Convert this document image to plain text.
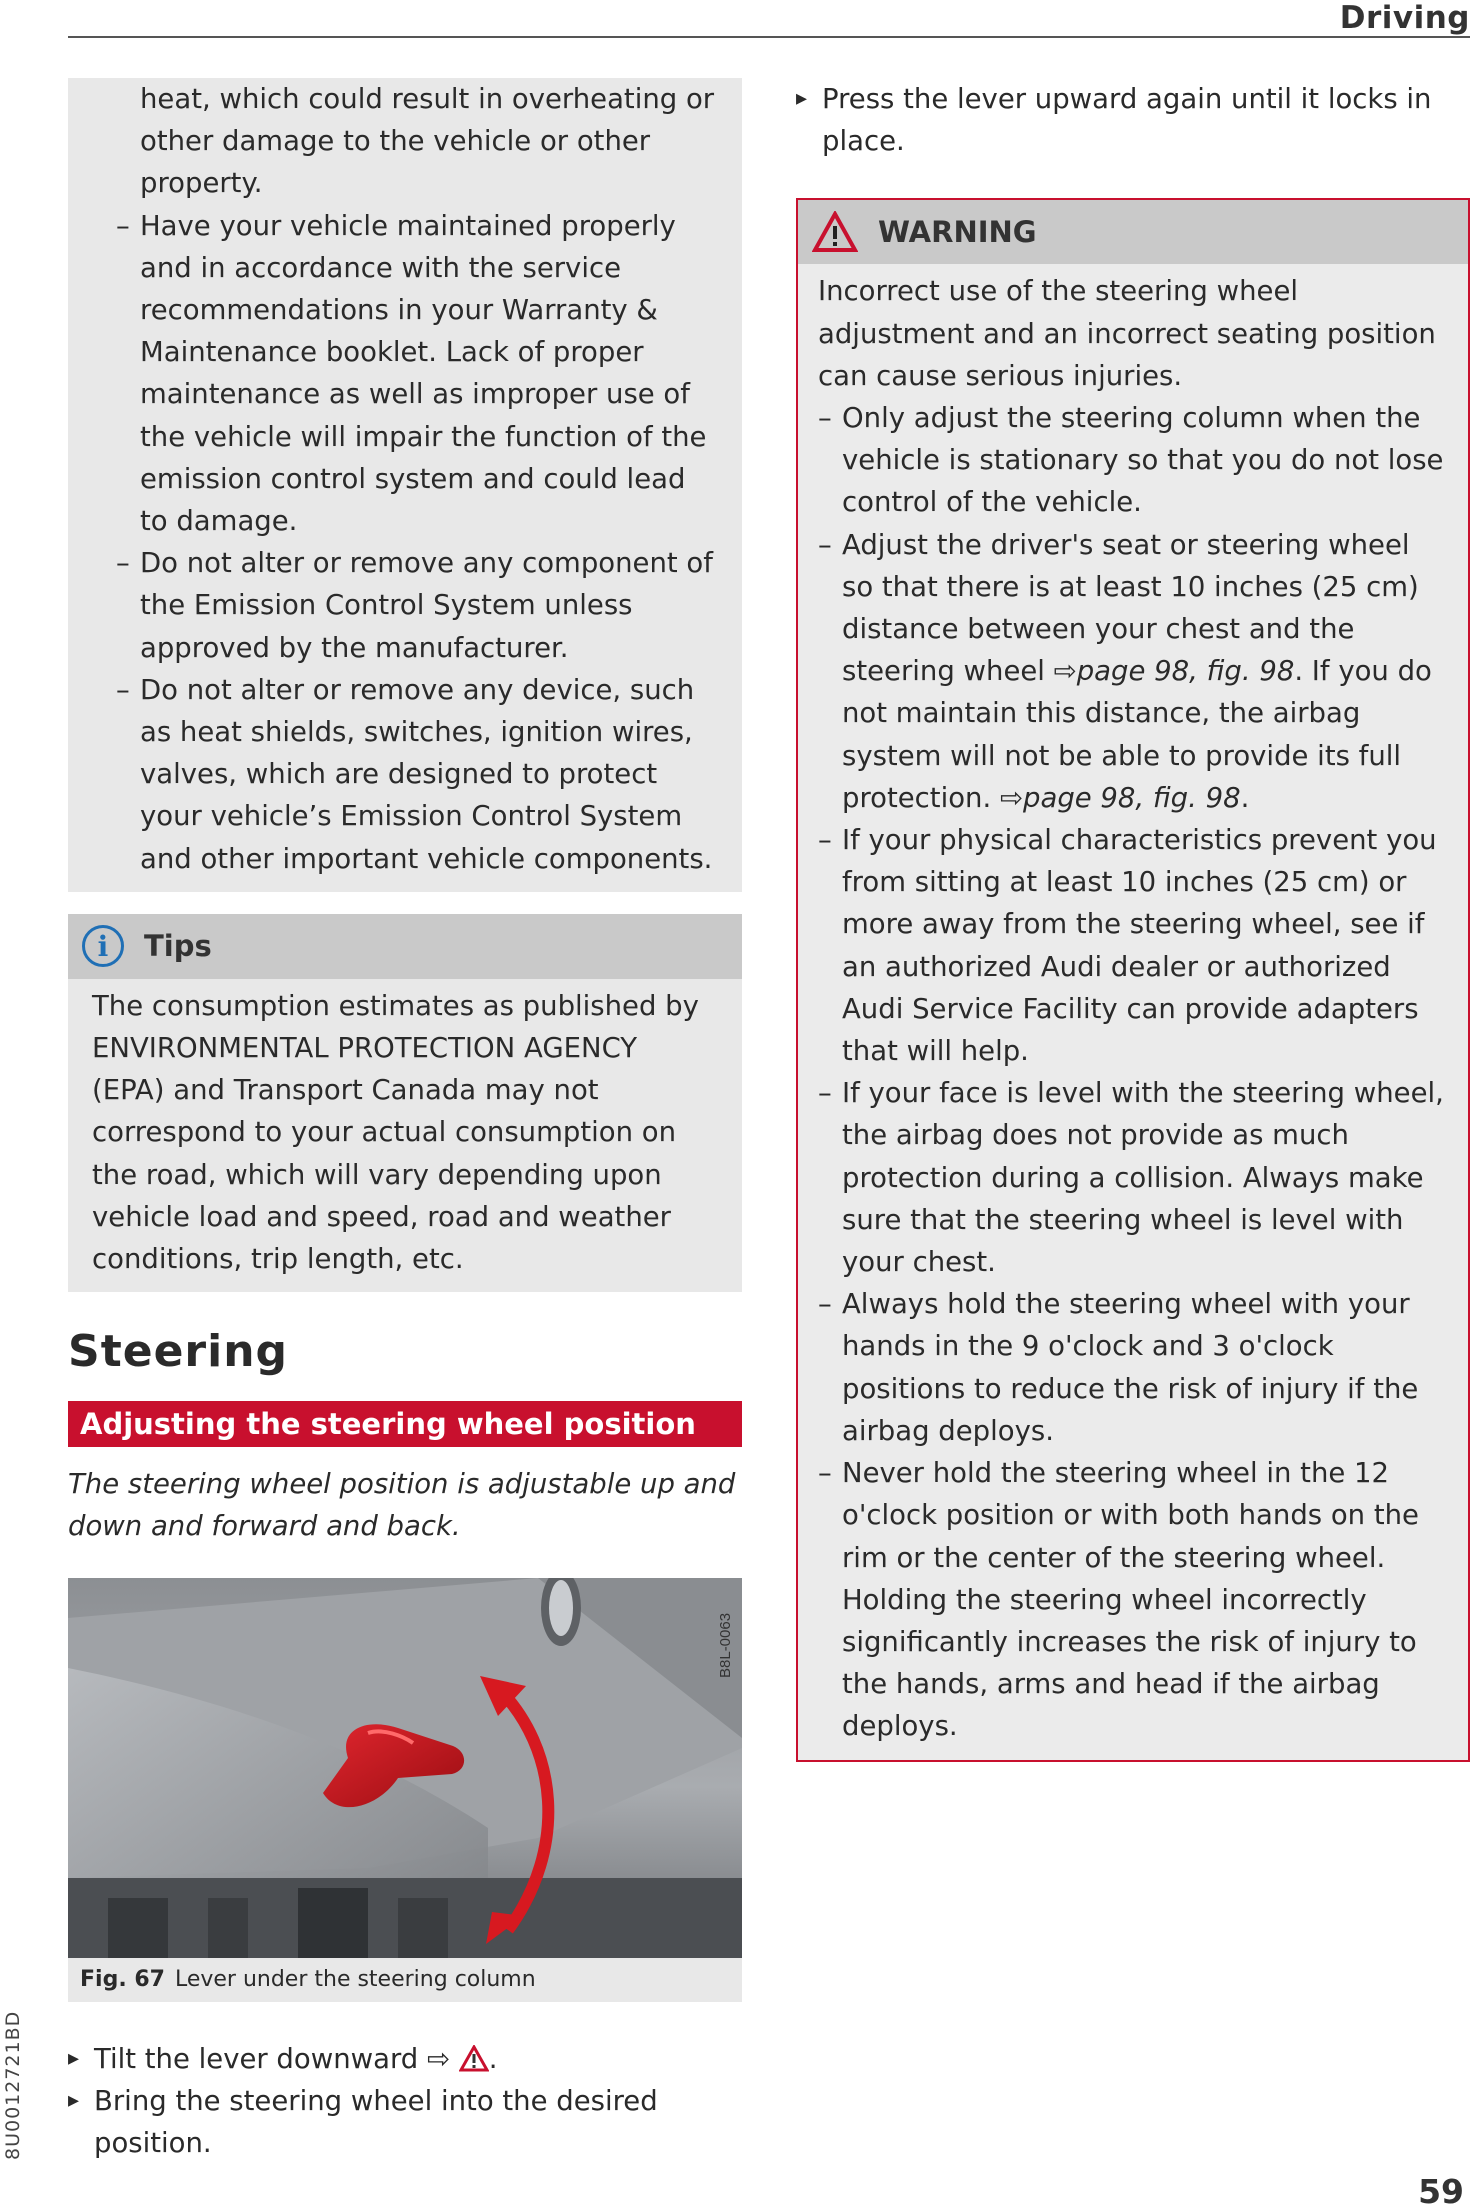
Driving
8U0012721BD
59

heat, which could result in overheating or other damage to the vehicle or other property.

– Have your vehicle maintained properly and in accordance with the service recommendations in your Warranty & Maintenance booklet. Lack of proper maintenance as well as improper use of the vehicle will impair the function of the emission control system and could lead to damage.

– Do not alter or remove any component of the Emission Control System unless approved by the manufacturer.

– Do not alter or remove any device, such as heat shields, switches, ignition wires, valves, which are designed to protect your vehicle’s Emission Control System and other important vehicle components.

i	Tips

The consumption estimates as published by ENVIRONMENTAL PROTECTION AGENCY (EPA) and Transport Canada may not correspond to your actual consumption on the road, which will vary depending upon vehicle load and speed, road and weather conditions, trip length, etc.

Steering
Adjusting the steering wheel position

The steering wheel position is adjustable up and down and forward and back.

B8L-0063
Fig. 67 Lever under the steering column

▸ Tilt the lever downward ⇨ .

▸ Bring the steering wheel into the desired position.

▸ Press the lever upward again until it locks in place.

WARNING

Incorrect use of the steering wheel adjustment and an incorrect seating position can cause serious injuries.

– Only adjust the steering column when the vehicle is stationary so that you do not lose control of the vehicle.

– Adjust the driver's seat or steering wheel so that there is at least 10 inches (25 cm) distance between your chest and the steering wheel ⇨page 98, fig. 98. If you do not maintain this distance, the airbag system will not be able to provide its full protection. ⇨page 98, fig. 98.

– If your physical characteristics prevent you from sitting at least 10 inches (25 cm) or more away from the steering wheel, see if an authorized Audi dealer or authorized Audi Service Facility can provide adapters that will help.

– If your face is level with the steering wheel, the airbag does not provide as much protection during a collision. Always make sure that the steering wheel is level with your chest.

– Always hold the steering wheel with your hands in the 9 o'clock and 3 o'clock positions to reduce the risk of injury if the airbag deploys.

– Never hold the steering wheel in the 12 o'clock position or with both hands on the rim or the center of the steering wheel. Holding the steering wheel incorrectly significantly increases the risk of injury to the hands, arms and head if the airbag deploys.
